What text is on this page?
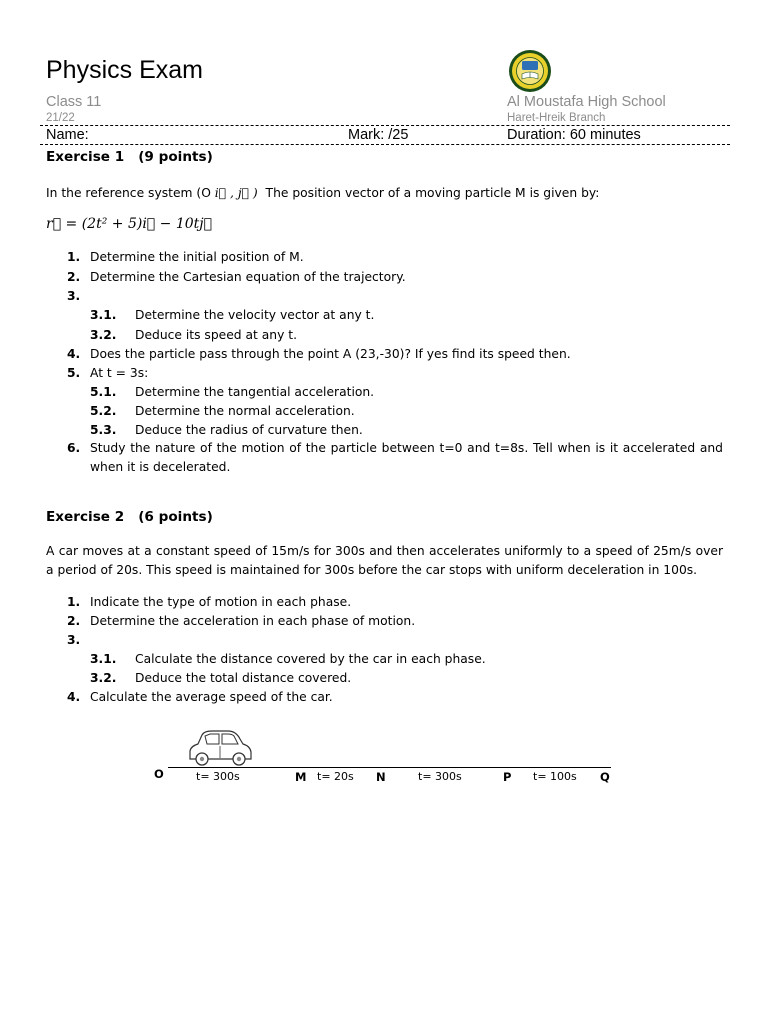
Physics Exam
Class 11
21/22
Al Moustafa High School
Haret-Hreik Branch
Name:	Mark: /25	Duration: 60 minutes
Exercise 1 (9 points)
In the reference system (O i⃗ , j⃗ )  The position vector of a moving particle M is given by:
r⃗ = (2t² + 5)i⃗ − 10tj⃗
1. Determine the initial position of M.
2. Determine the Cartesian equation of the trajectory.
3.
3.1. Determine the velocity vector at any t.
3.2. Deduce its speed at any t.
4. Does the particle pass through the point A (23,-30)? If yes find its speed then.
5. At t = 3s:
5.1. Determine the tangential acceleration.
5.2. Determine the normal acceleration.
5.3. Deduce the radius of curvature then.
6. Study the nature of the motion of the particle between t=0 and t=8s. Tell when is it accelerated and when it is decelerated.
Exercise 2 (6 points)
A car moves at a constant speed of 15m/s for 300s and then accelerates uniformly to a speed of 25m/s over a period of 20s. This speed is maintained for 300s before the car stops with uniform deceleration in 100s.
1. Indicate the type of motion in each phase.
2. Determine the acceleration in each phase of motion.
3.
3.1. Calculate the distance covered by the car in each phase.
3.2. Deduce the total distance covered.
4. Calculate the average speed of the car.
O	t= 300s	M t= 20s N	t= 300s	P t= 100s Q
